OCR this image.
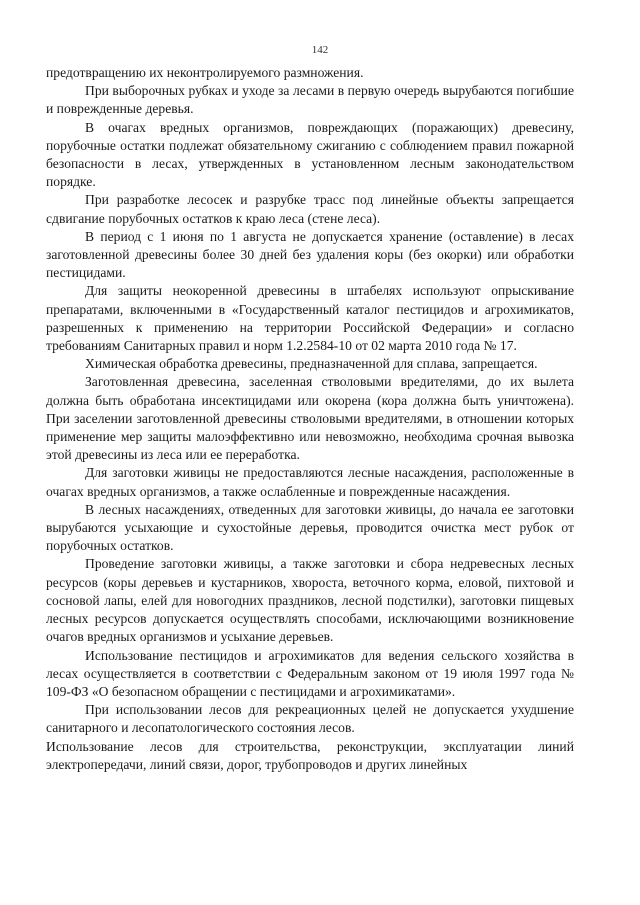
142

предотвращению их неконтролируемого размножения.

При выборочных рубках и уходе за лесами в первую очередь вырубаются погибшие и поврежденные деревья.

В очагах вредных организмов, повреждающих (поражающих) древесину, порубочные остатки подлежат обязательному сжиганию с соблюдением правил пожарной безопасности в лесах, утвержденных в установленном лесным законодательством порядке.

При разработке лесосек и разрубке трасс под линейные объекты запрещается сдвигание порубочных остатков к краю леса (стене леса).

В период с 1 июня по 1 августа не допускается хранение (оставление) в лесах заготовленной древесины более 30 дней без удаления коры (без окорки) или обработки пестицидами.

Для защиты неокоренной древесины в штабелях используют опрыскивание препаратами, включенными в «Государственный каталог пестицидов и агрохимикатов, разрешенных к применению на территории Российской Федерации» и согласно требованиям Санитарных правил и норм 1.2.2584-10 от 02 марта 2010 года № 17.

Химическая обработка древесины, предназначенной для сплава, запрещается.

Заготовленная древесина, заселенная стволовыми вредителями, до их вылета должна быть обработана инсектицидами или окорена (кора должна быть уничтожена). При заселении заготовленной древесины стволовыми вредителями, в отношении которых применение мер защиты малоэффективно или невозможно, необходима срочная вывозка этой древесины из леса или ее переработка.

Для заготовки живицы не предоставляются лесные насаждения, расположенные в очагах вредных организмов, а также ослабленные и поврежденные насаждения.

В лесных насаждениях, отведенных для заготовки живицы, до начала ее заготовки вырубаются усыхающие и сухостойные деревья, проводится очистка мест рубок от порубочных остатков.

Проведение заготовки живицы, а также заготовки и сбора недревесных лесных ресурсов (коры деревьев и кустарников, хвороста, веточного корма, еловой, пихтовой и сосновой лапы, елей для новогодних праздников, лесной подстилки), заготовки пищевых лесных ресурсов допускается осуществлять способами, исключающими возникновение очагов вредных организмов и усыхание деревьев.

Использование пестицидов и агрохимикатов для ведения сельского хозяйства в лесах осуществляется в соответствии с Федеральным законом от 19 июля 1997 года № 109-ФЗ «О безопасном обращении с пестицидами и агрохимикатами».

При использовании лесов для рекреационных целей не допускается ухудшение санитарного и лесопатологического состояния лесов.

Использование лесов для строительства, реконструкции, эксплуатации линий электропередачи, линий связи, дорог, трубопроводов и других линейных
